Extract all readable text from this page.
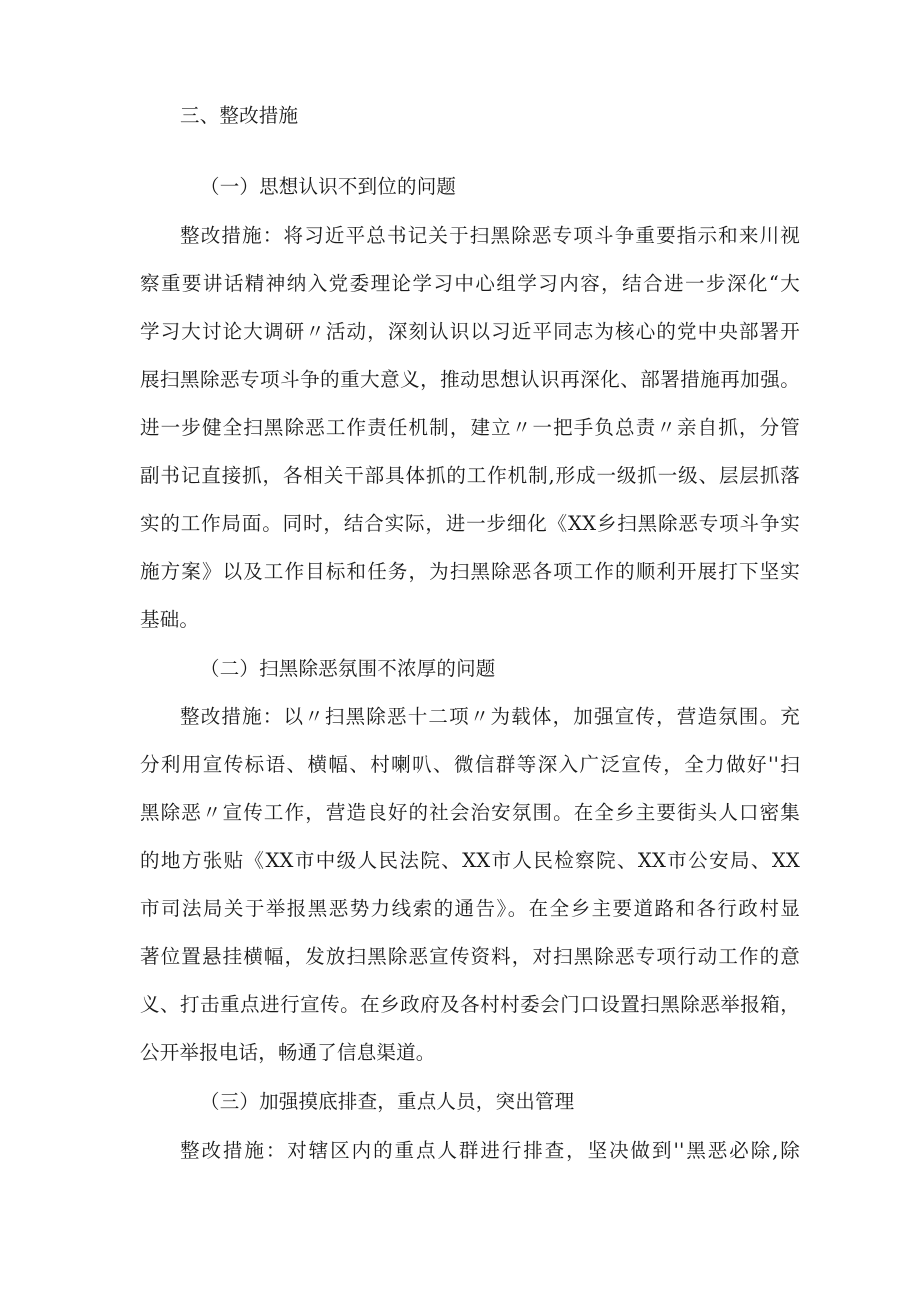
三、整改措施
（一）思想认识不到位的问题
整改措施：将习近平总书记关于扫黑除恶专项斗争重要指示和来川视
察重要讲话精神纳入党委理论学习中心组学习内容，结合进一步深化“大
学习大讨论大调研〃活动，深刻认识以习近平同志为核心的党中央部署开
展扫黑除恶专项斗争的重大意义，推动思想认识再深化、部署措施再加强。
进一步健全扫黑除恶工作责任机制，建立〃一把手负总责〃亲自抓，分管
副书记直接抓，各相关干部具体抓的工作机制,形成一级抓一级、层层抓落
实的工作局面。同时，结合实际，进一步细化《XX乡扫黑除恶专项斗争实
施方案》以及工作目标和任务，为扫黑除恶各项工作的顺利开展打下坚实
基础。
（二）扫黑除恶氛围不浓厚的问题
整改措施：以〃扫黑除恶十二项〃为载体，加强宣传，营造氛围。充
分利用宣传标语、横幅、村喇叭、微信群等深入广泛宣传，全力做好''扫
黑除恶〃宣传工作，营造良好的社会治安氛围。在全乡主要街头人口密集
的地方张贴《XX市中级人民法院、XX市人民检察院、XX市公安局、XX
市司法局关于举报黑恶势力线索的通告》。在全乡主要道路和各行政村显
著位置悬挂横幅，发放扫黑除恶宣传资料，对扫黑除恶专项行动工作的意
义、打击重点进行宣传。在乡政府及各村村委会门口设置扫黑除恶举报箱，
公开举报电话，畅通了信息渠道。
（三）加强摸底排查，重点人员，突出管理
整改措施：对辖区内的重点人群进行排查，坚决做到''黑恶必除,除
